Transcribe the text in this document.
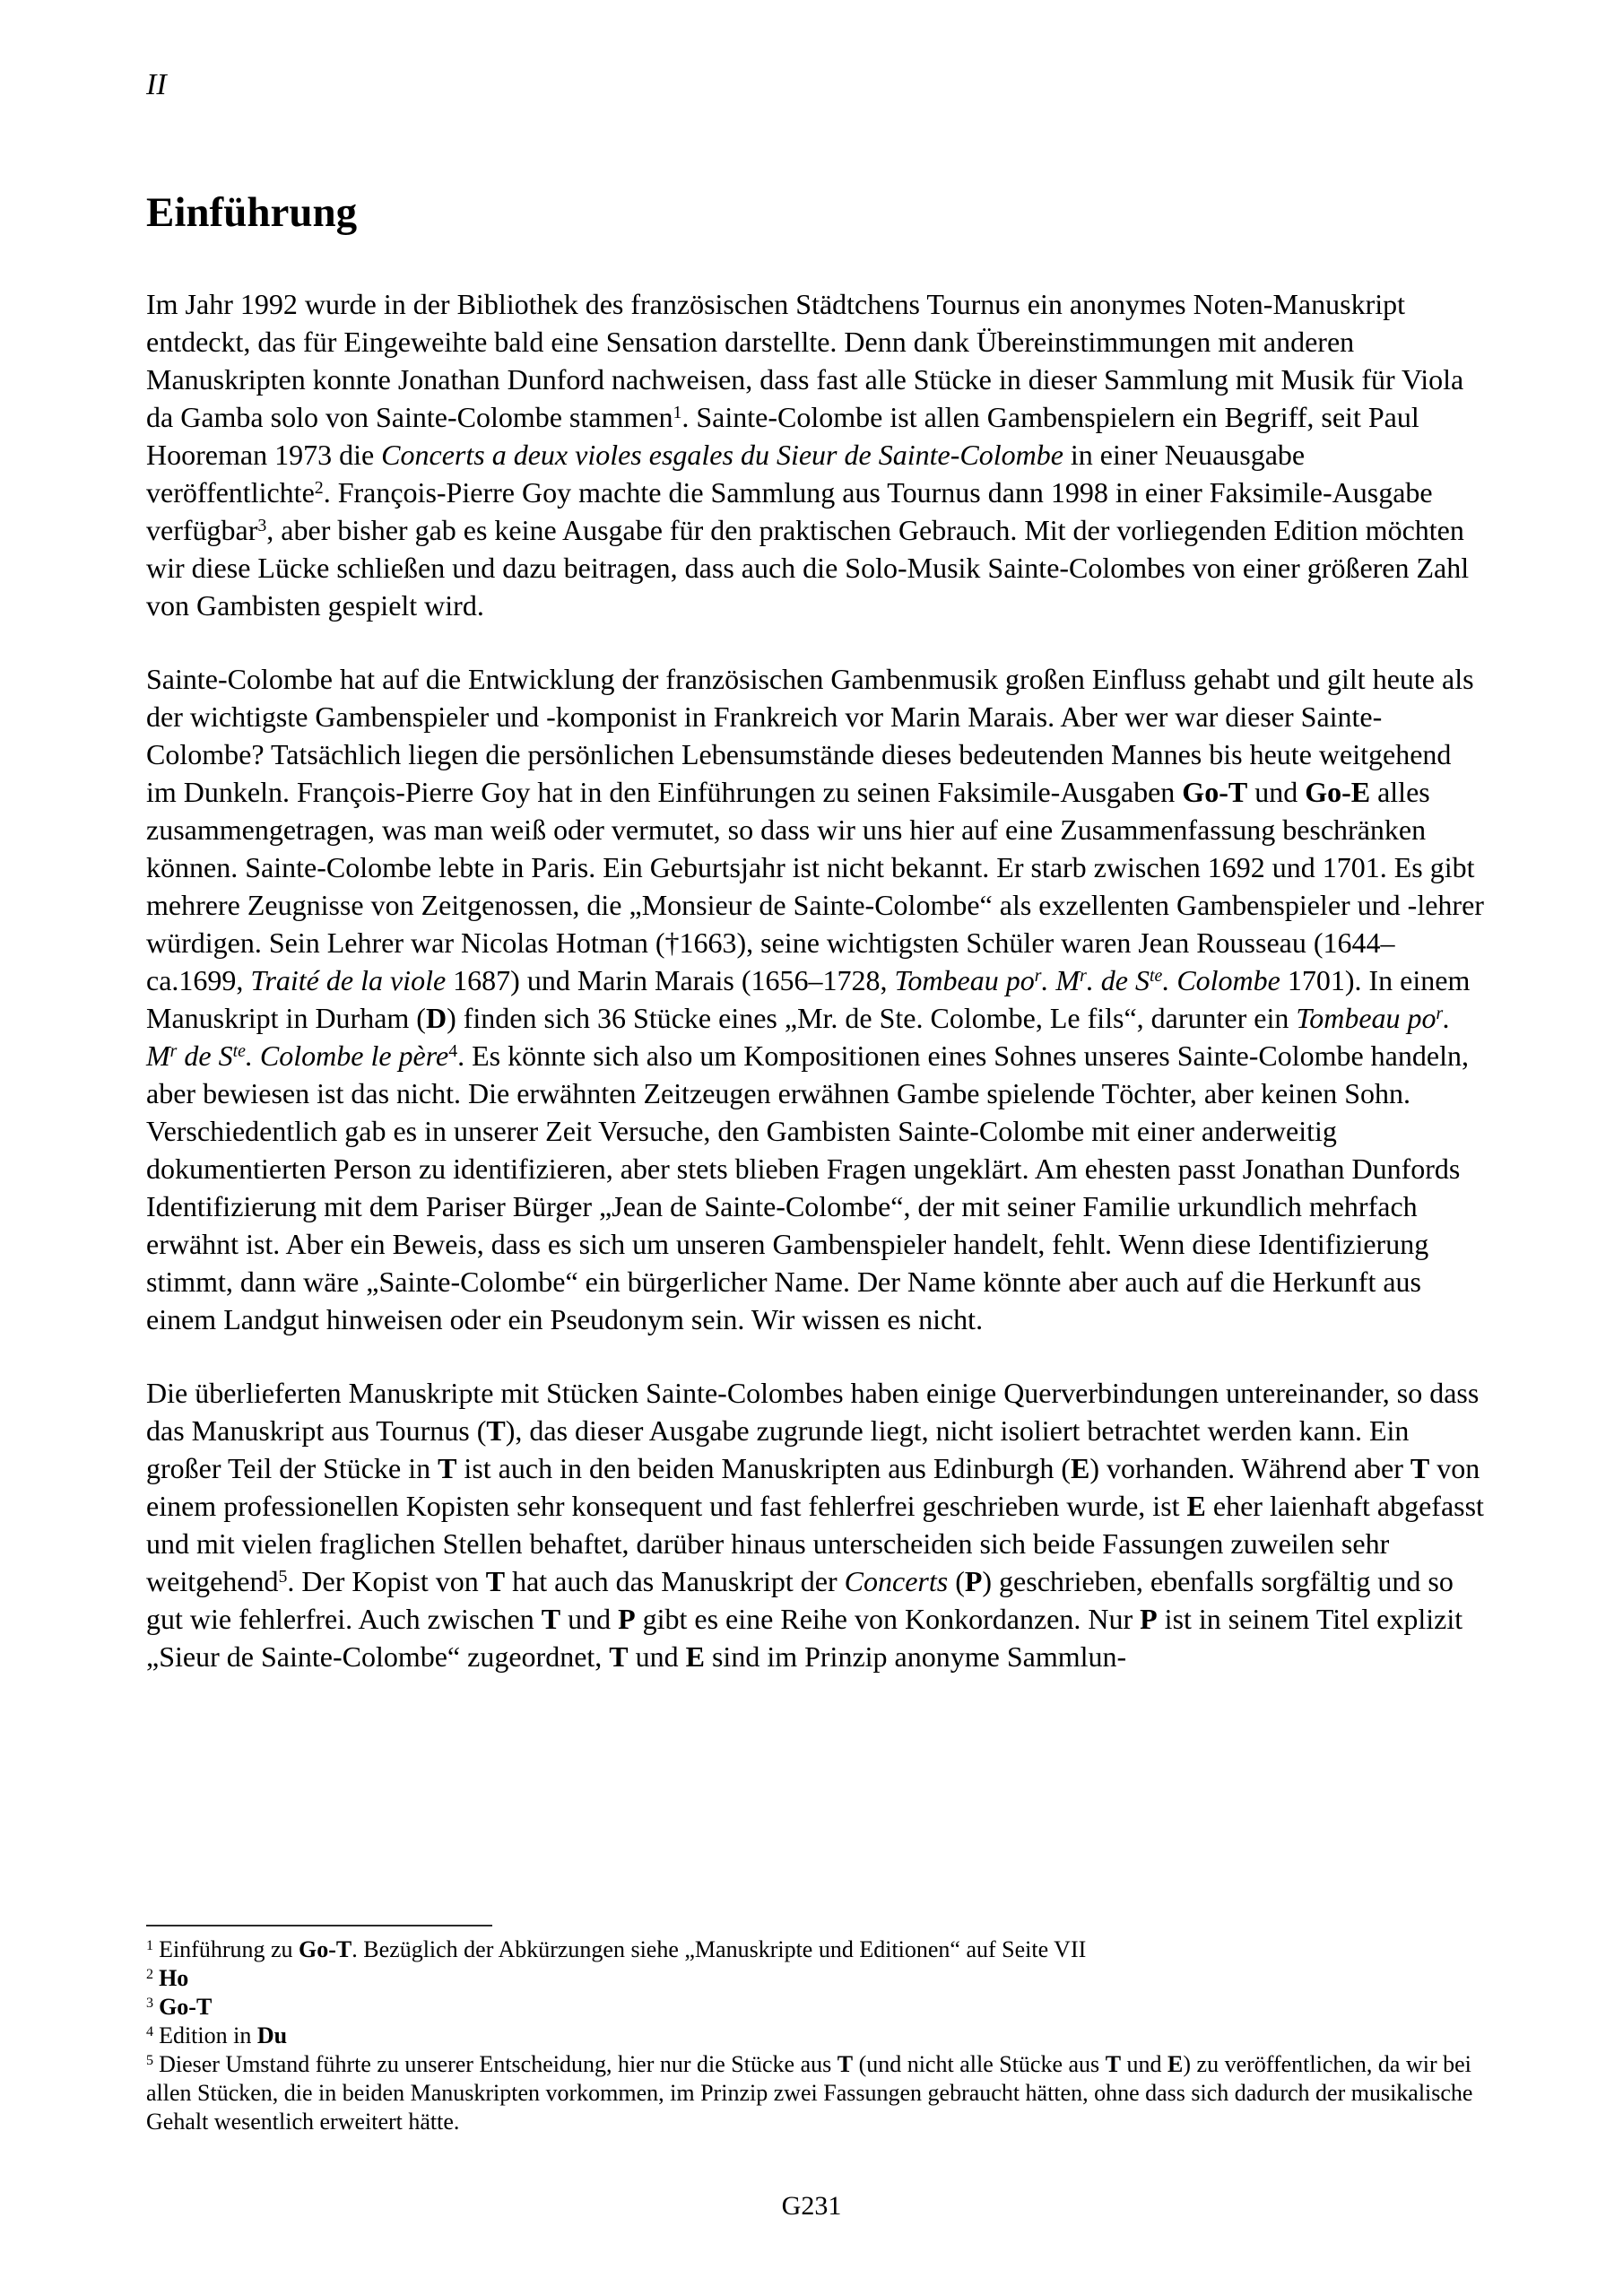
II
Einführung
Im Jahr 1992 wurde in der Bibliothek des französischen Städtchens Tournus ein anonymes Noten-Manuskript entdeckt, das für Eingeweihte bald eine Sensation darstellte. Denn dank Übereinstimmungen mit anderen Manuskripten konnte Jonathan Dunford nachweisen, dass fast alle Stücke in dieser Sammlung mit Musik für Viola da Gamba solo von Sainte-Colombe stammen$^1$. Sainte-Colombe ist allen Gambenspielern ein Begriff, seit Paul Hooreman 1973 die Concerts a deux violes esgales du Sieur de Sainte-Colombe in einer Neuausgabe veröffentlichte$^2$. François-Pierre Goy machte die Sammlung aus Tournus dann 1998 in einer Faksimile-Ausgabe verfügbar$^3$, aber bisher gab es keine Ausgabe für den praktischen Gebrauch. Mit der vorliegenden Edition möchten wir diese Lücke schließen und dazu beitragen, dass auch die Solo-Musik Sainte-Colombes von einer größeren Zahl von Gambisten gespielt wird.
Sainte-Colombe hat auf die Entwicklung der französischen Gambenmusik großen Einfluss gehabt und gilt heute als der wichtigste Gambenspieler und -komponist in Frankreich vor Marin Marais. Aber wer war dieser Sainte-Colombe? Tatsächlich liegen die persönlichen Lebensumstände dieses bedeutenden Mannes bis heute weitgehend im Dunkeln. François-Pierre Goy hat in den Einführungen zu seinen Faksimile-Ausgaben Go-T und Go-E alles zusammengetragen, was man weiß oder vermutet, so dass wir uns hier auf eine Zusammenfassung beschränken können. Sainte-Colombe lebte in Paris. Ein Geburtsjahr ist nicht bekannt. Er starb zwischen 1692 und 1701. Es gibt mehrere Zeugnisse von Zeitgenossen, die „Monsieur de Sainte-Colombe“ als exzellenten Gambenspieler und -lehrer würdigen. Sein Lehrer war Nicolas Hotman (†1663), seine wichtigsten Schüler waren Jean Rousseau (1644–ca.1699, Traité de la viole 1687) und Marin Marais (1656–1728, Tombeau $po^r$. $M^r$. de $S^{te}$. Colombe 1701). In einem Manuskript in Durham (D) finden sich 36 Stücke eines „Mr. de Ste. Colombe, Le fils“, darunter ein Tombeau $po^r$. $M^r$ de $S^{te}$. Colombe le père$^4$. Es könnte sich also um Kompositionen eines Sohnes unseres Sainte-Colombe handeln, aber bewiesen ist das nicht. Die erwähnten Zeitzeugen erwähnen Gambe spielende Töchter, aber keinen Sohn. Verschiedentlich gab es in unserer Zeit Versuche, den Gambisten Sainte-Colombe mit einer anderweitig dokumentierten Person zu identifizieren, aber stets blieben Fragen ungeklärt. Am ehesten passt Jonathan Dunfords Identifizierung mit dem Pariser Bürger „Jean de Sainte-Colombe“, der mit seiner Familie urkundlich mehrfach erwähnt ist. Aber ein Beweis, dass es sich um unseren Gambenspieler handelt, fehlt. Wenn diese Identifizierung stimmt, dann wäre „Sainte-Colombe“ ein bürgerlicher Name. Der Name könnte aber auch auf die Herkunft aus einem Landgut hinweisen oder ein Pseudonym sein. Wir wissen es nicht.
Die überlieferten Manuskripte mit Stücken Sainte-Colombes haben einige Querverbindungen untereinander, so dass das Manuskript aus Tournus (T), das dieser Ausgabe zugrunde liegt, nicht isoliert betrachtet werden kann. Ein großer Teil der Stücke in T ist auch in den beiden Manuskripten aus Edinburgh (E) vorhanden. Während aber T von einem professionellen Kopisten sehr konsequent und fast fehlerfrei geschrieben wurde, ist E eher laienhaft abgefasst und mit vielen fraglichen Stellen behaftet, darüber hinaus unterscheiden sich beide Fassungen zuweilen sehr weitgehend$^5$. Der Kopist von T hat auch das Manuskript der Concerts (P) geschrieben, ebenfalls sorgfältig und so gut wie fehlerfrei. Auch zwischen T und P gibt es eine Reihe von Konkordanzen. Nur P ist in seinem Titel explizit „Sieur de Sainte-Colombe“ zugeordnet, T und E sind im Prinzip anonyme Sammlun-
$^1$ Einführung zu Go-T. Bezüglich der Abkürzungen siehe „Manuskripte und Editionen“ auf Seite VII
$^2$ Ho
$^3$ Go-T
$^4$ Edition in Du
$^5$ Dieser Umstand führte zu unserer Entscheidung, hier nur die Stücke aus T (und nicht alle Stücke aus T und E) zu veröffentlichen, da wir bei allen Stücken, die in beiden Manuskripten vorkommen, im Prinzip zwei Fassungen gebraucht hätten, ohne dass sich dadurch der musikalische Gehalt wesentlich erweitert hätte.
G231
